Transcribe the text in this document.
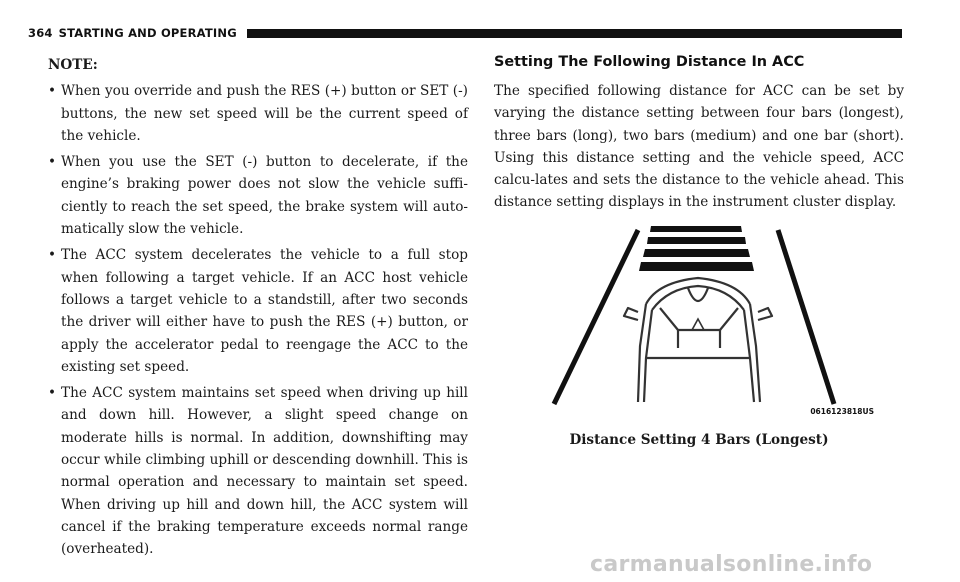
364 STARTING AND OPERATING

NOTE:

• When you override and push the RES (+) button or SET (-) buttons, the new set speed will be the current speed of the vehicle.
• When you use the SET (-) button to decelerate, if the engine’s braking power does not slow the vehicle suffi-ciently to reach the set speed, the brake system will auto-matically slow the vehicle.
• The ACC system decelerates the vehicle to a full stop when following a target vehicle. If an ACC host vehicle follows a target vehicle to a standstill, after two seconds the driver will either have to push the RES (+) button, or apply the accelerator pedal to reengage the ACC to the existing set speed.
• The ACC system maintains set speed when driving up hill and down hill. However, a slight speed change on moderate hills is normal. In addition, downshifting may occur while climbing uphill or descending downhill. This is normal operation and necessary to maintain set speed. When driving up hill and down hill, the ACC system will cancel if the braking temperature exceeds normal range (overheated).
Setting The Following Distance In ACC

The specified following distance for ACC can be set by varying the distance setting between four bars (longest), three bars (long), two bars (medium) and one bar (short). Using this distance setting and the vehicle speed, ACC calcu-lates and sets the distance to the vehicle ahead. This distance setting displays in the instrument cluster display.

0616123818US
Distance Setting 4 Bars (Longest)
carmanualsonline.info
